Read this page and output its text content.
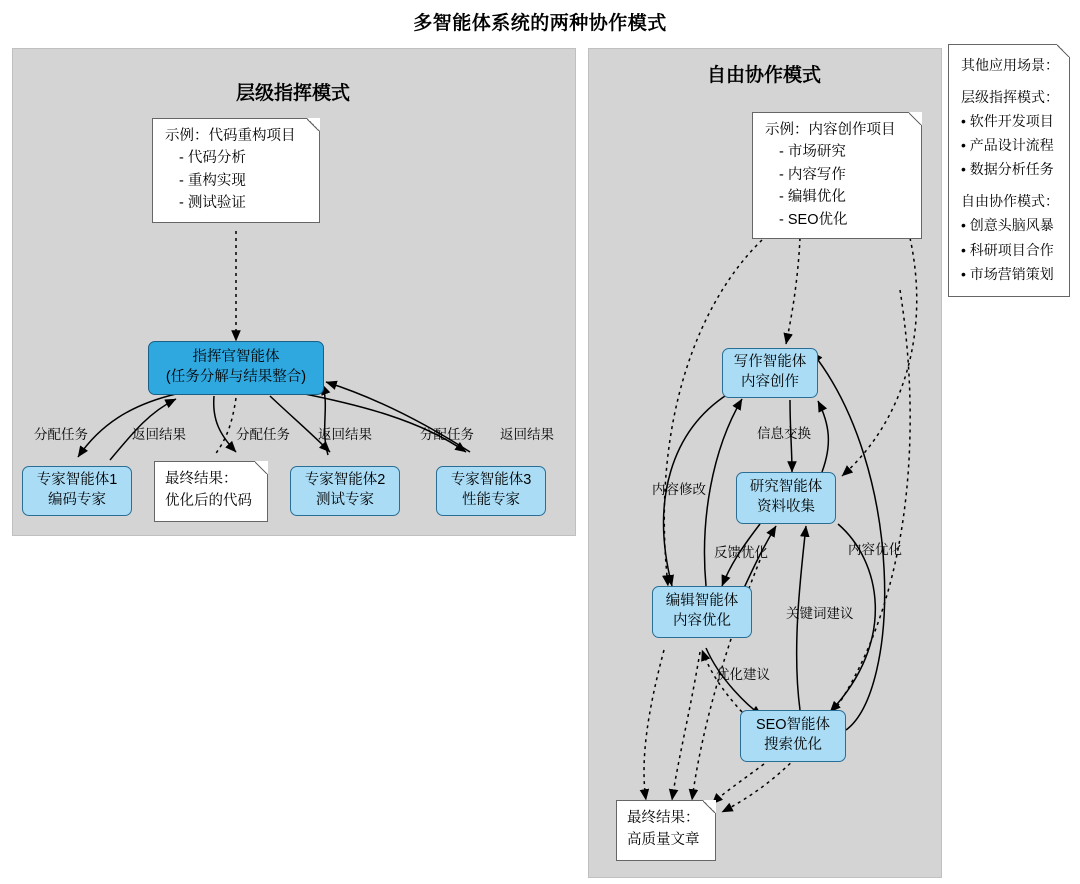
多智能体系统的两种协作模式
层级指挥模式
自由协作模式
示例：代码重构项目
- 代码分析
- 重构实现
- 测试验证
指挥官智能体
(任务分解与结果整合)
专家智能体1
编码专家
专家智能体2
测试专家
专家智能体3
性能专家
最终结果：
优化后的代码
分配任务	返回结果	分配任务 返回结果	分配任务 返回结果
示例：内容创作项目
- 市场研究
- 内容写作
- 编辑优化
- SEO优化
写作智能体
内容创作
研究智能体
资料收集
编辑智能体
内容优化
SEO智能体
搜索优化
最终结果：
高质量文章
信息交换
内容修改
反馈优化	内容优化
关键词建议
优化建议
其他应用场景：
层级指挥模式：
• 软件开发项目
• 产品设计流程
• 数据分析任务
自由协作模式：
• 创意头脑风暴
• 科研项目合作
• 市场营销策划
